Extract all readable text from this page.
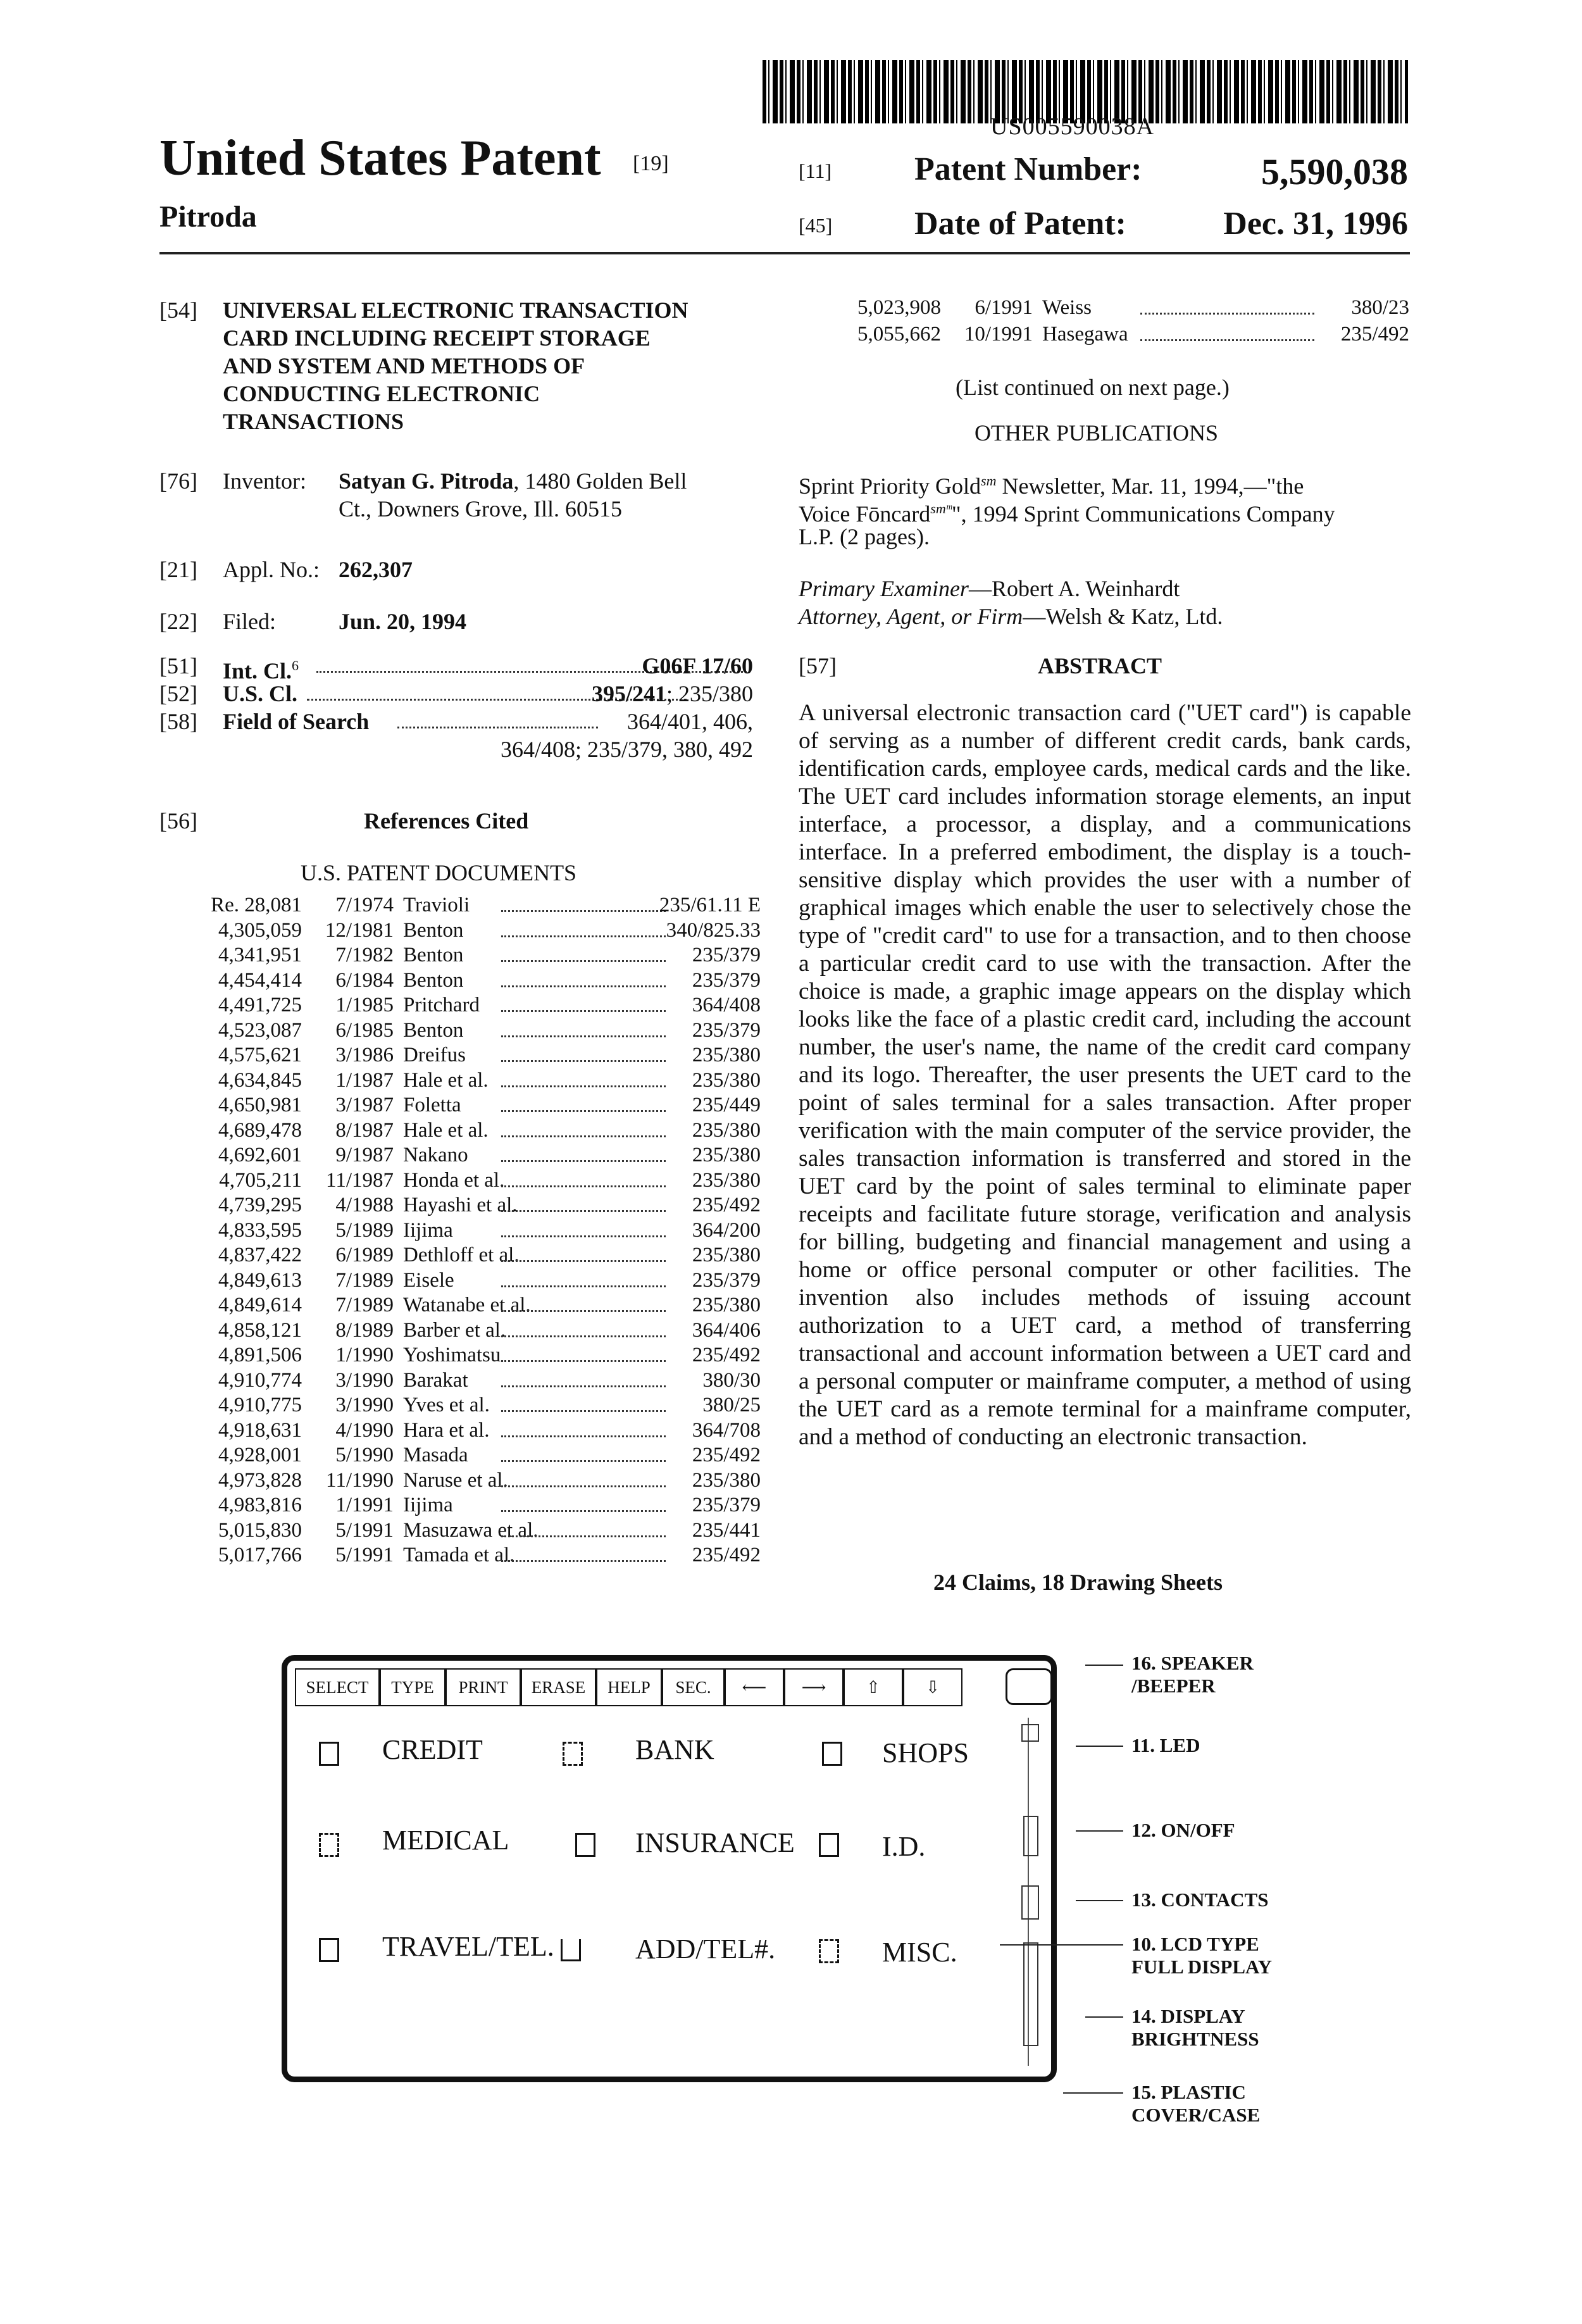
US005590038A
United States Patent [19]
Pitroda
[11]	Patent Number:	5,590,038
[45] Date of Patent:	Dec. 31, 1996
[54] UNIVERSAL ELECTRONIC TRANSACTION
CARD INCLUDING RECEIPT STORAGE
AND SYSTEM AND METHODS OF
CONDUCTING ELECTRONIC
TRANSACTIONS
[76] Inventor: Satyan G. Pitroda, 1480 Golden Bell
Ct., Downers Grove, Ill. 60515
[21] Appl. No.: 262,307
[22] Filed:	Jun. 20, 1994
[51] Int. Cl.$^6$	G06F 17/60
[52] U.S. Cl.	395/241; 235/380
[58] Field of Search	364/401, 406,
364/408; 235/379, 380, 492
[56]	References Cited
U.S. PATENT DOCUMENTS
Re. 28,081	7/1974 Travioli	235/61.11 E
4,305,059	12/1981 Benton	340/825.33
4,341,951	7/1982 Benton	235/379
4,454,414	6/1984 Benton	235/379
4,491,725	1/1985 Pritchard	364/408
4,523,087	6/1985 Benton	235/379
4,575,621	3/1986 Dreifus	235/380
4,634,845	1/1987 Hale et al.	235/380
4,650,981	3/1987 Foletta	235/449
4,689,478	8/1987 Hale et al.	235/380
4,692,601	9/1987 Nakano	235/380
4,705,211	11/1987 Honda et al.	235/380
4,739,295	4/1988 Hayashi et al.	235/492
4,833,595	5/1989 Iijima	364/200
4,837,422	6/1989 Dethloff et al.	235/380
4,849,613	7/1989 Eisele	235/379
4,849,614	7/1989 Watanabe et al.	235/380
4,858,121	8/1989 Barber et al.	364/406
4,891,506	1/1990 Yoshimatsu	235/492
4,910,774	3/1990 Barakat	380/30
4,910,775	3/1990 Yves et al.	380/25
4,918,631	4/1990 Hara et al.	364/708
4,928,001	5/1990 Masada	235/492
4,973,828	11/1990 Naruse et al.	235/380
4,983,816	1/1991 Iijima	235/379
5,015,830	5/1991 Masuzawa et al.	235/441
5,017,766	5/1991 Tamada et al.	235/492
5,023,908	6/1991 Weiss	380/23
5,055,662	10/1991 Hasegawa	235/492
(List continued on next page.)
OTHER PUBLICATIONS
Sprint Priority Gold$^{sm}$ Newsletter, Mar. 11, 1994,—"the
Voice Fōncard$^{smᵐ}$", 1994 Sprint Communications Company
L.P. (2 pages).
Primary Examiner—Robert A. Weinhardt
Attorney, Agent, or Firm—Welsh & Katz, Ltd.
[57]	ABSTRACT
A universal electronic transaction card ("UET card") is capable of serving as a number of different credit cards, bank cards, identification cards, employee cards, medical cards and the like. The UET card includes information storage elements, an input interface, a processor, a display, and a communications interface. In a preferred embodiment, the display is a touch-sensitive display which provides the user with a number of graphical images which enable the user to selectively chose the type of "credit card" to use for a transaction, and to then choose a particular credit card to use with the transaction. After the choice is made, a graphic image appears on the display which looks like the face of a plastic credit card, including the account number, the user's name, the name of the credit card company and its logo. Thereafter, the user presents the UET card to the point of sales terminal for a sales transaction. After proper verification with the main computer of the service provider, the sales transaction information is transferred and stored in the UET card by the point of sales terminal to eliminate paper receipts and facilitate future storage, verification and analysis for billing, budgeting and financial management and using a home or office personal computer or other facilities. The invention also includes methods of issuing account authorization to a UET card, a method of transferring transactional and account information between a UET card and a personal computer or mainframe computer, a method of using the UET card as a remote terminal for a mainframe computer, and a method of conducting an electronic transaction.
24 Claims, 18 Drawing Sheets
SELECT	TYPE	PRINT	ERASE	HELP	SEC.	⟵	⟶	⇧	⇩
CREDIT	BANK	SHOPS
MEDICAL	INSURANCE	I.D.
TRAVEL/TEL.	ADD/TEL#.	MISC.
16. SPEAKER
/BEEPER
11. LED
12. ON/OFF
13. CONTACTS
10. LCD TYPE
FULL DISPLAY
14. DISPLAY
BRIGHTNESS
15. PLASTIC
COVER/CASE
